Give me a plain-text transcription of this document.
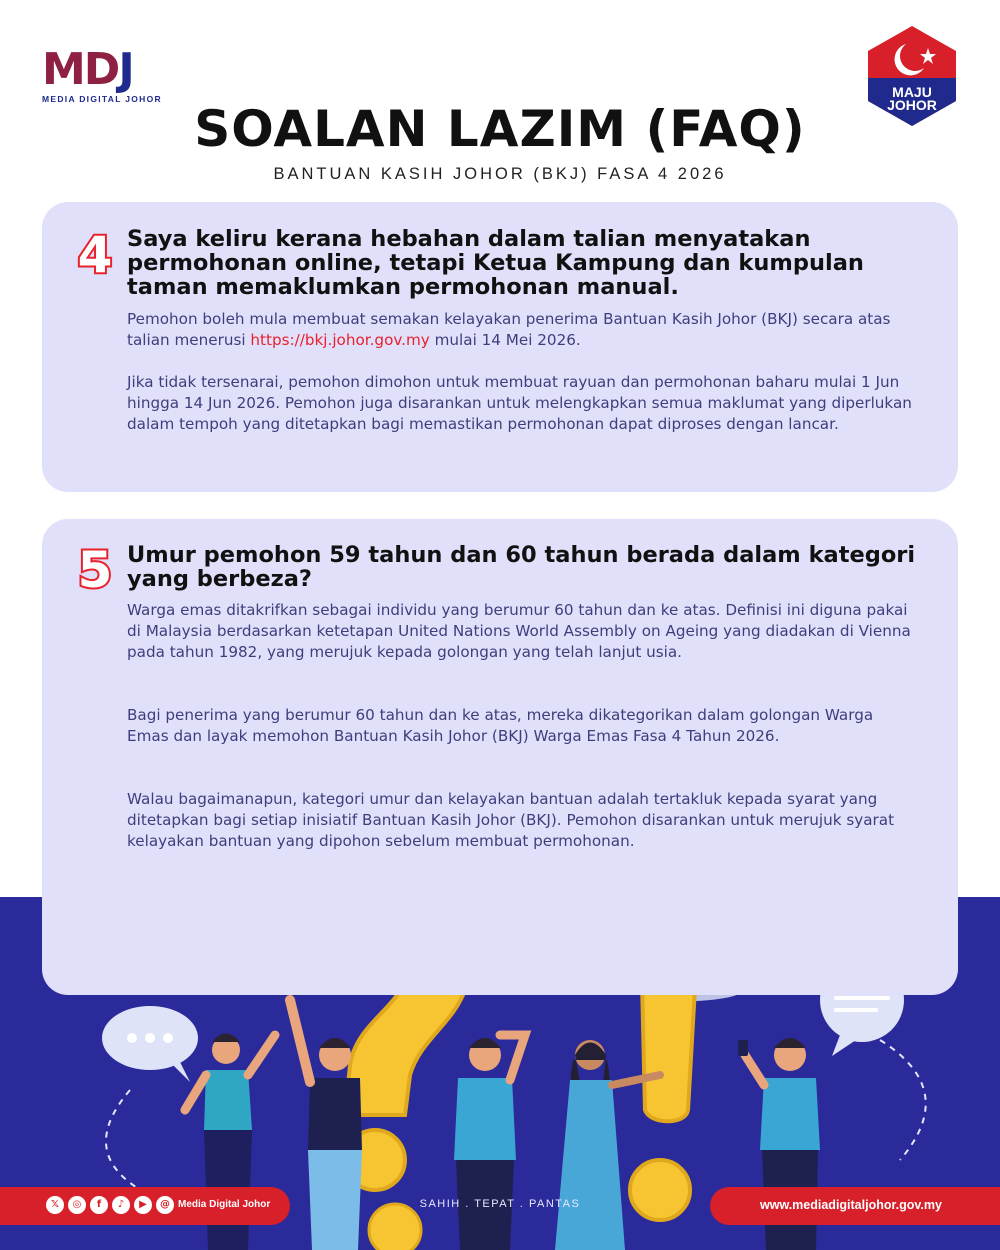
MDJ
MEDIA DIGITAL JOHOR	MAJU
JOHOR
SOALAN LAZIM (FAQ)
BANTUAN KASIH JOHOR (BKJ) FASA 4 2026
4 Saya keliru kerana hebahan dalam talian menyatakan permohonan online, tetapi Ketua Kampung dan kumpulan taman memaklumkan permohonan manual.

Pemohon boleh mula membuat semakan kelayakan penerima Bantuan Kasih Johor (BKJ) secara atas talian menerusi https://bkj.johor.gov.my mulai 14 Mei 2026.

Jika tidak tersenarai, pemohon dimohon untuk membuat rayuan dan permohonan baharu mulai 1 Jun hingga 14 Jun 2026. Pemohon juga disarankan untuk melengkapkan semua maklumat yang diperlukan dalam tempoh yang ditetapkan bagi memastikan permohonan dapat diproses dengan lancar.

5 Umur pemohon 59 tahun dan 60 tahun berada dalam kategori yang berbeza?

Warga emas ditakrifkan sebagai individu yang berumur 60 tahun dan ke atas. Definisi ini diguna pakai di Malaysia berdasarkan ketetapan United Nations World Assembly on Ageing yang diadakan di Vienna pada tahun 1982, yang merujuk kepada golongan yang telah lanjut usia.

Bagi penerima yang berumur 60 tahun dan ke atas, mereka dikategorikan dalam golongan Warga Emas dan layak memohon Bantuan Kasih Johor (BKJ) Warga Emas Fasa 4 Tahun 2026.

Walau bagaimanapun, kategori umur dan kelayakan bantuan adalah tertakluk kepada syarat yang ditetapkan bagi setiap inisiatif Bantuan Kasih Johor (BKJ). Pemohon disarankan untuk merujuk syarat kelayakan bantuan yang dipohon sebelum membuat permohonan.

𝕏	◎	f	♪	▶	@ Media Digital Johor	SAHIH . TEPAT . PANTAS	www.mediadigitaljohor.gov.my
